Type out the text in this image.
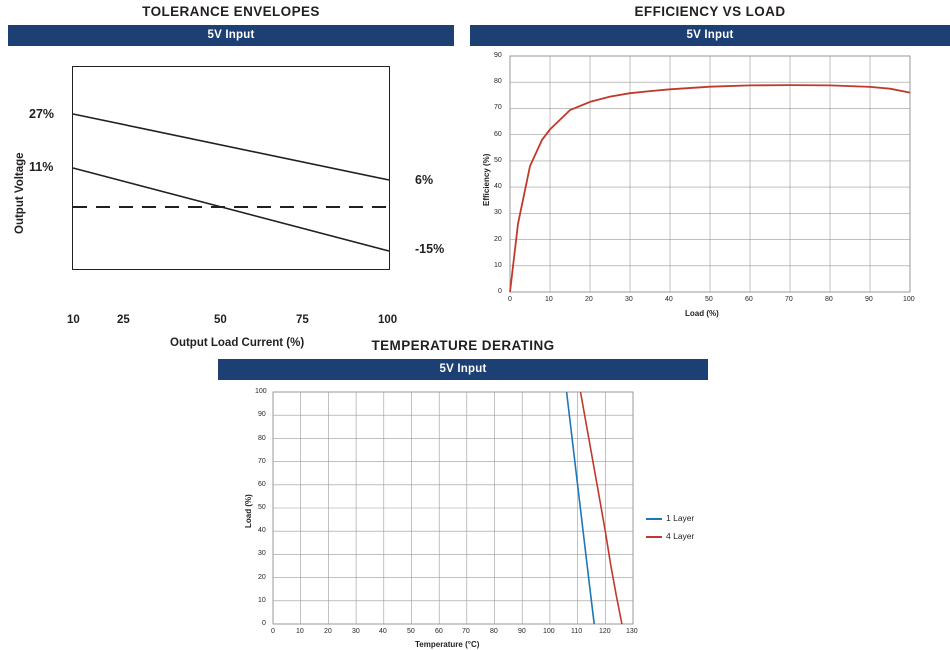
TOLERANCE ENVELOPES
5V Input
Output Voltage
27%
11%
6%
-15%
10	25	50	75	100
Output Load Current (%)
EFFICIENCY VS LOAD
5V Input
Efficiency (%)
0
10
20
30
40
50
60
70
80
90
0	10	20	30	40	50	60	70	80	90	100
Load (%)
TEMPERATURE DERATING
5V Input
Load (%)
0
10
20
30
40
50
60
70
80
90
100
0	10	20	30	40	50	60	70	80	90 100 110 120 130
Temperature (°C)
1 Layer
4 Layer
